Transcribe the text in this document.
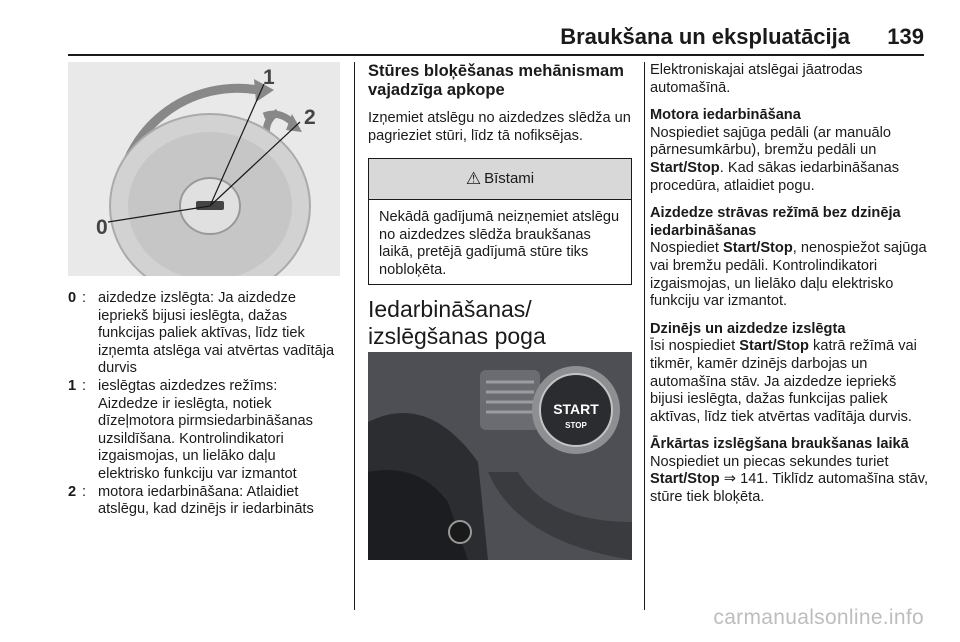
Braukšana un ekspluatācija 139
1
2
0
0 : aizdedze izslēgta: Ja aizdedze iepriekš bijusi ieslēgta, dažas funkcijas paliek aktīvas, līdz tiek izņemta atslēga vai atvērtas vadītāja durvis
1 : ieslēgtas aizdedzes režīms: Aizdedze ir ieslēgta, notiek dīzeļmotora pirmsiedarbināšanas uzsildīšana. Kontrolindikatori izgaismojas, un lielāko daļu elektrisko funkciju var izmantot
2 : motora iedarbināšana: Atlaidiet atslēgu, kad dzinējs ir iedarbināts

Stūres bloķēšanas mehānismam vajadzīga apkope

Izņemiet atslēgu no aizdedzes slēdža un pagrieziet stūri, līdz tā nofiksējas.

⚠ Bīstami
Nekādā gadījumā neizņemiet atslēgu no aizdedzes slēdža braukšanas laikā, pretējā gadījumā stūre tiks nobloķēta.

Iedarbināšanas/ izslēgšanas poga

START
STOP

Elektroniskajai atslēgai jāatrodas automašīnā.

Motora iedarbināšana

Nospiediet sajūga pedāli (ar manuālo pārnesumkārbu), bremžu pedāli un Start/Stop. Kad sākas iedarbināšanas procedūra, atlaidiet pogu.

Aizdedze strāvas režīmā bez dzinēja iedarbināšanas

Nospiediet Start/Stop, nenospiežot sajūga vai bremžu pedāli. Kontrolindikatori izgaismojas, un lielāko daļu elektrisko funkciju var izmantot.

Dzinējs un aizdedze izslēgta

Īsi nospiediet Start/Stop katrā režīmā vai tikmēr, kamēr dzinējs darbojas un automašīna stāv. Ja aizdedze iepriekš bijusi ieslēgta, dažas funkcijas paliek aktīvas, līdz tiek atvērtas vadītāja durvis.

Ārkārtas izslēgšana braukšanas laikā

Nospiediet un piecas sekundes turiet Start/Stop ⇒ 141. Tiklīdz automašīna stāv, stūre tiek bloķēta.

carmanualsonline.info
